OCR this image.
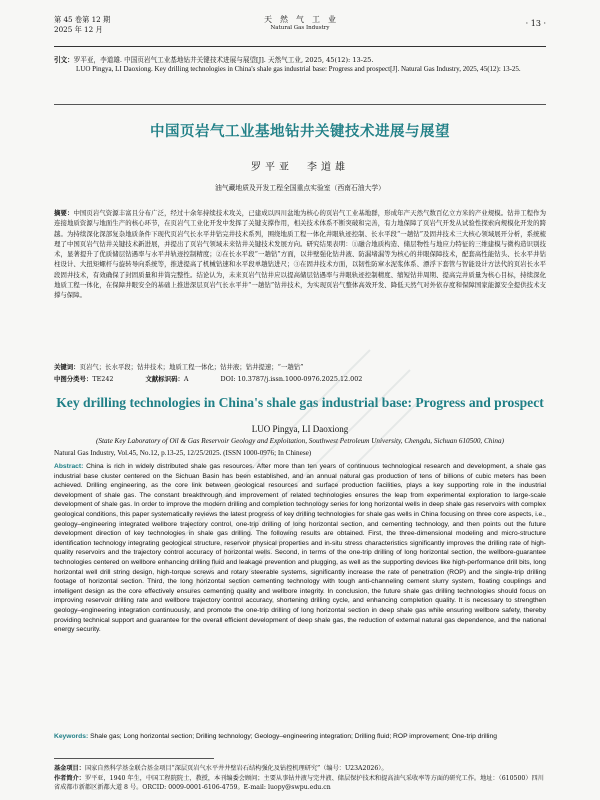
第 45 卷第 12 期
2025 年 12 月
天　然　气　工　业
Natural Gas Industry	· 13 ·
引文：罗平亚，李道雄. 中国页岩气工业基地钻井关键技术进展与展望[J]. 天然气工业, 2025, 45(12): 13-25.
LUO Pingya, LI Daoxiong. Key drilling technologies in China's shale gas industrial base: Progress and prospect[J]. Natural Gas Industry, 2025, 45(12): 13-25.
中国页岩气工业基地钻井关键技术进展与展望
罗平亚　李道雄
油气藏地质及开发工程全国重点实验室（西南石油大学）
摘要：中国页岩气资源丰富且分布广泛，经过十余年持续技术攻关，已建成以四川盆地为核心的页岩气工业基地群，形成年产天然气数百亿立方米的产业规模。钻井工程作为连接地质资源与地面生产的核心环节，在页岩气工业化开发中发挥了关键支撑作用，相关技术体系不断突破和完善，有力地保障了页岩气开发从试验性探索向规模化开发的跨越。为持续深化深部复杂地质条件下现代页岩气长水平井钻完井技术系列，围绕地质工程一体化井眼轨迹控制、长水平段“一趟钻”及固井技术三大核心领域展开分析，系统梳理了中国页岩气钻井关键技术新进展，并提出了页岩气领域未来钻井关键技术发展方向。研究结果表明：①融合地质构造、储层物性与地应力特征的三维建模与微构造识别技术，显著提升了优质储层钻遇率与水平井轨迹控制精度；②在长水平段“一趟钻”方面，以井壁强化钻井液、防漏堵漏等为核心的井眼保障技术，配套高性能钻头、长水平井钻柱设计、大扭矩螺杆与旋转导向系统等，推进提高了机械钻速和水平段单趟钻进尺；③在固井技术方面，以韧性防窜水泥浆体系、漂浮下套管与智能设计方法代的页岩长水平段固井技术，有效确保了封固质量和井筒完整性。结论认为，未来页岩气钻井应以提高储层钻遇率与井眼轨迹控制精度、缩短钻井周期、提高完井质量为核心目标，持续深化地质工程一体化，在保障井眼安全的基础上推进深层页岩气长水平井“一趟钻”钻井技术，为实现页岩气整体高效开发、降低天然气对外依存度和保障国家能源安全提供技术支撑与保障。
关键词：页岩气；长水平段；钻井技术；地质工程一体化；钻井液；钻井提速；“一趟钻”
中图分类号：TE242	文献标识码：A	DOI: 10.3787/j.issn.1000-0976.2025.12.002
Key drilling technologies in China's shale gas industrial base: Progress and prospect
LUO Pingya, LI Daoxiong
(State Key Laboratory of Oil & Gas Reservoir Geology and Exploitation, Southwest Petroleum University, Chengdu, Sichuan 610500, China)
Natural Gas Industry, Vol.45, No.12, p.13-25, 12/25/2025. (ISSN 1000-0976; In Chinese)
Abstract: China is rich in widely distributed shale gas resources. After more than ten years of continuous technological research and development, a shale gas industrial base cluster centered on the Sichuan Basin has been established, and an annual natural gas production of tens of billions of cubic meters has been achieved. Drilling engineering, as the core link between geological resources and surface production facilities, plays a key supporting role in the industrial development of shale gas. The constant breakthrough and improvement of related technologies ensures the leap from experimental exploration to large-scale development of shale gas. In order to improve the modern drilling and completion technology series for long horizontal wells in deep shale gas reservoirs with complex geological conditions, this paper systematically reviews the latest progress of key drilling technologies for shale gas wells in China focusing on three core aspects, i.e., geology–engineering integrated wellbore trajectory control, one-trip drilling of long horizontal section, and cementing technology, and then points out the future development direction of key technologies in shale gas drilling. The following results are obtained. First, the three-dimensional modeling and micro-structure identification technology integrating geological structure, reservoir physical properties and in-situ stress characteristics significantly improves the drilling rate of high-quality reservoirs and the trajectory control accuracy of horizontal wells. Second, in terms of the one-trip drilling of long horizontal section, the wellbore-guarantee technologies centered on wellbore enhancing drilling fluid and leakage prevention and plugging, as well as the supporting devices like high-performance drill bits, long horizontal well drill string design, high-torque screws and rotary steerable systems, significantly increase the rate of penetration (ROP) and the single-trip drilling footage of horizontal section. Third, the long horizontal section cementing technology with tough anti-channeling cement slurry system, floating couplings and intelligent design as the core effectively ensures cementing quality and wellbore integrity. In conclusion, the future shale gas drilling technologies should focus on improving reservoir drilling rate and wellbore trajectory control accuracy, shortening drilling cycle, and enhancing completion quality. It is necessary to strengthen geology–engineering integration continuously, and promote the one-trip drilling of long horizontal section in deep shale gas while ensuring wellbore safety, thereby providing technical support and guarantee for the overall efficient development of deep shale gas, the reduction of external natural gas dependence, and the national energy security.
Keywords: Shale gas; Long horizontal section; Drilling technology; Geology–engineering integration; Drilling fluid; ROP improvement; One-trip drilling
基金项目：国家自然科学基金联合基金项目“深层页岩气水平井井壁岩石结构强化及钻控机理研究”（编号：U23A2026）。
作者简介：罗平亚，1940 年生，中国工程院院士，教授，本刊编委会顾问；主要从事钻井液与完井液、储层保护技术和提高油气采收率等方面的研究工作。地址：（610500）四川省成都市新都区新都大道 8 号。ORCID: 0009-0001-6106-4759。E-mail: luopy@swpu.edu.cn
